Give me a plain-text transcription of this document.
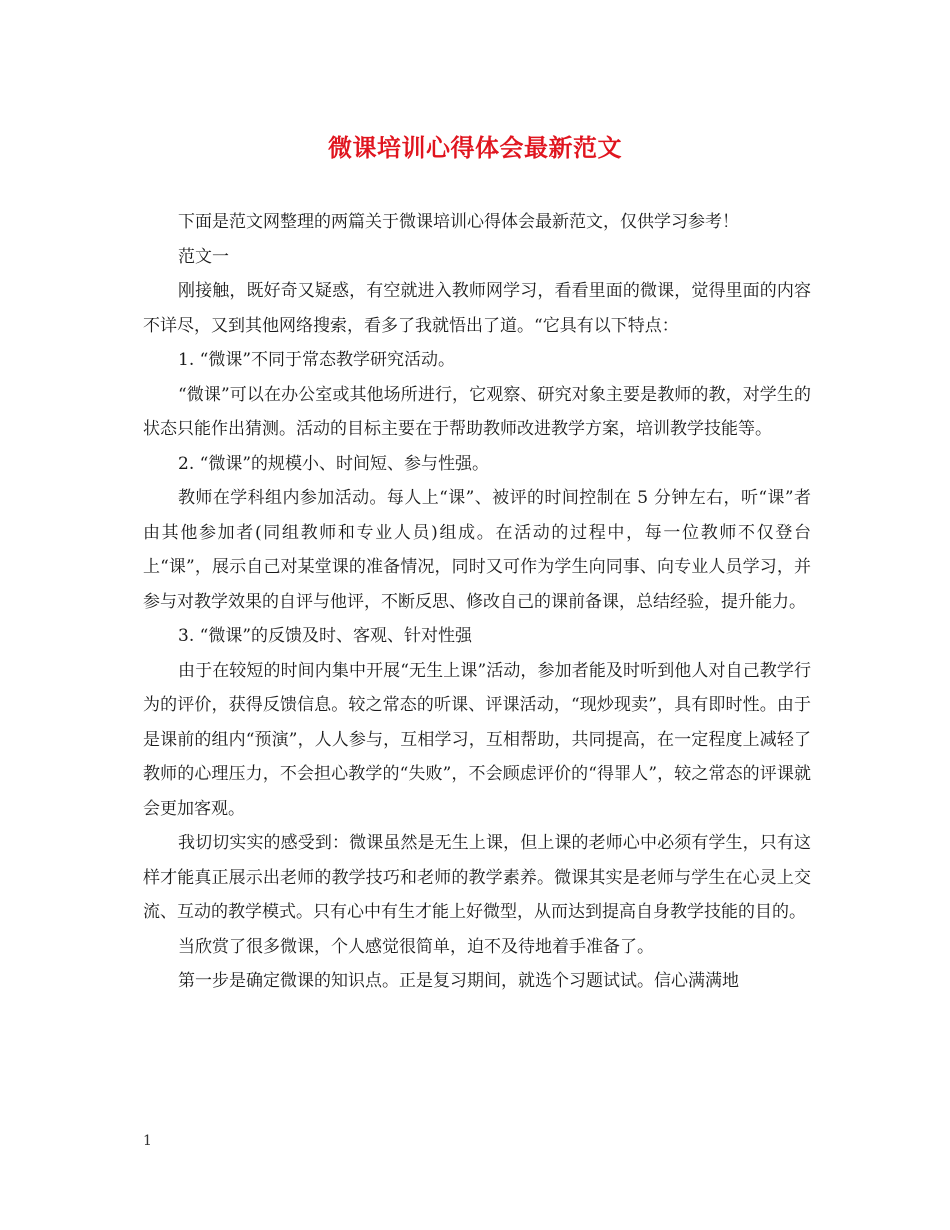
微课培训心得体会最新范文

下面是范文网整理的两篇关于微课培训心得体会最新范文，仅供学习参考！

范文一

刚接触，既好奇又疑惑，有空就进入教师网学习，看看里面的微课，觉得里面的内容不详尽，又到其他网络搜索，看多了我就悟出了道。“它具有以下特点：

1. “微课”不同于常态教学研究活动。

“微课”可以在办公室或其他场所进行，它观察、研究对象主要是教师的教，对学生的状态只能作出猜测。活动的目标主要在于帮助教师改进教学方案，培训教学技能等。

2. “微课”的规模小、时间短、参与性强。

教师在学科组内参加活动。每人上“课”、被评的时间控制在 5 分钟左右，听“课”者由其他参加者(同组教师和专业人员)组成。在活动的过程中，每一位教师不仅登台上“课”，展示自己对某堂课的准备情况，同时又可作为学生向同事、向专业人员学习，并参与对教学效果的自评与他评，不断反思、修改自己的课前备课，总结经验，提升能力。

3. “微课”的反馈及时、客观、针对性强

由于在较短的时间内集中开展“无生上课”活动，参加者能及时听到他人对自己教学行为的评价，获得反馈信息。较之常态的听课、评课活动，“现炒现卖”，具有即时性。由于是课前的组内“预演”，人人参与，互相学习，互相帮助，共同提高，在一定程度上减轻了教师的心理压力，不会担心教学的“失败”，不会顾虑评价的“得罪人”，较之常态的评课就会更加客观。

我切切实实的感受到：微课虽然是无生上课，但上课的老师心中必须有学生，只有这样才能真正展示出老师的教学技巧和老师的教学素养。微课其实是老师与学生在心灵上交流、互动的教学模式。只有心中有生才能上好微型，从而达到提高自身教学技能的目的。

当欣赏了很多微课，个人感觉很简单，迫不及待地着手准备了。

第一步是确定微课的知识点。正是复习期间，就选个习题试试。信心满满地

1
